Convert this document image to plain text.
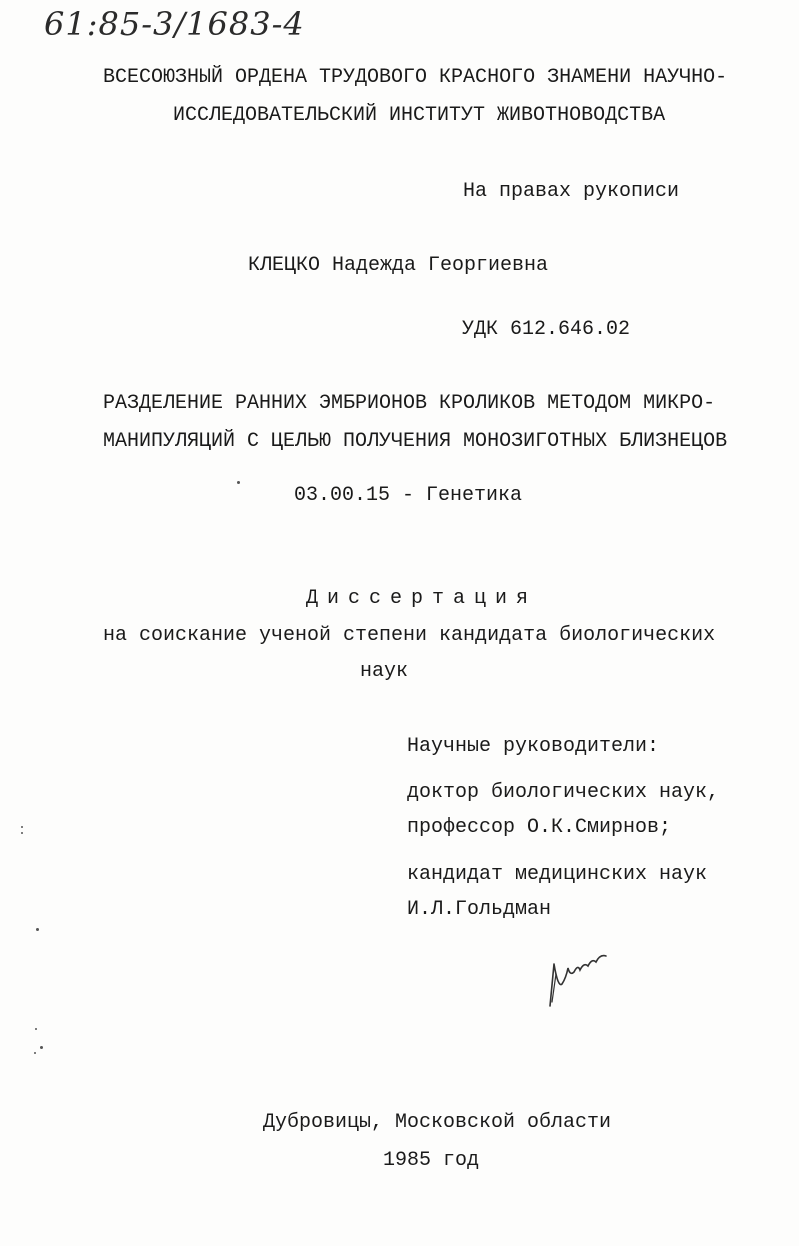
61:85-3/1683-4
ВСЕСОЮЗНЫЙ ОРДЕНА ТРУДОВОГО КРАСНОГО ЗНАМЕНИ НАУЧНО-
ИССЛЕДОВАТЕЛЬСКИЙ ИНСТИТУТ ЖИВОТНОВОДСТВА
На правах рукописи
КЛЕЦКО Надежда Георгиевна
УДК 612.646.02
РАЗДЕЛЕНИЕ РАННИХ ЭМБРИОНОВ КРОЛИКОВ МЕТОДОМ МИКРО-
МАНИПУЛЯЦИЙ С ЦЕЛЬЮ ПОЛУЧЕНИЯ МОНОЗИГОТНЫХ БЛИЗНЕЦОВ
03.00.15 - Генетика
Диссертация
на соискание ученой степени кандидата биологических
наук
Научные руководители:
доктор биологических наук,
профессор О.К.Смирнов;
кандидат медицинских наук
И.Л.Гольдман
Дубровицы, Московской области
1985 год
